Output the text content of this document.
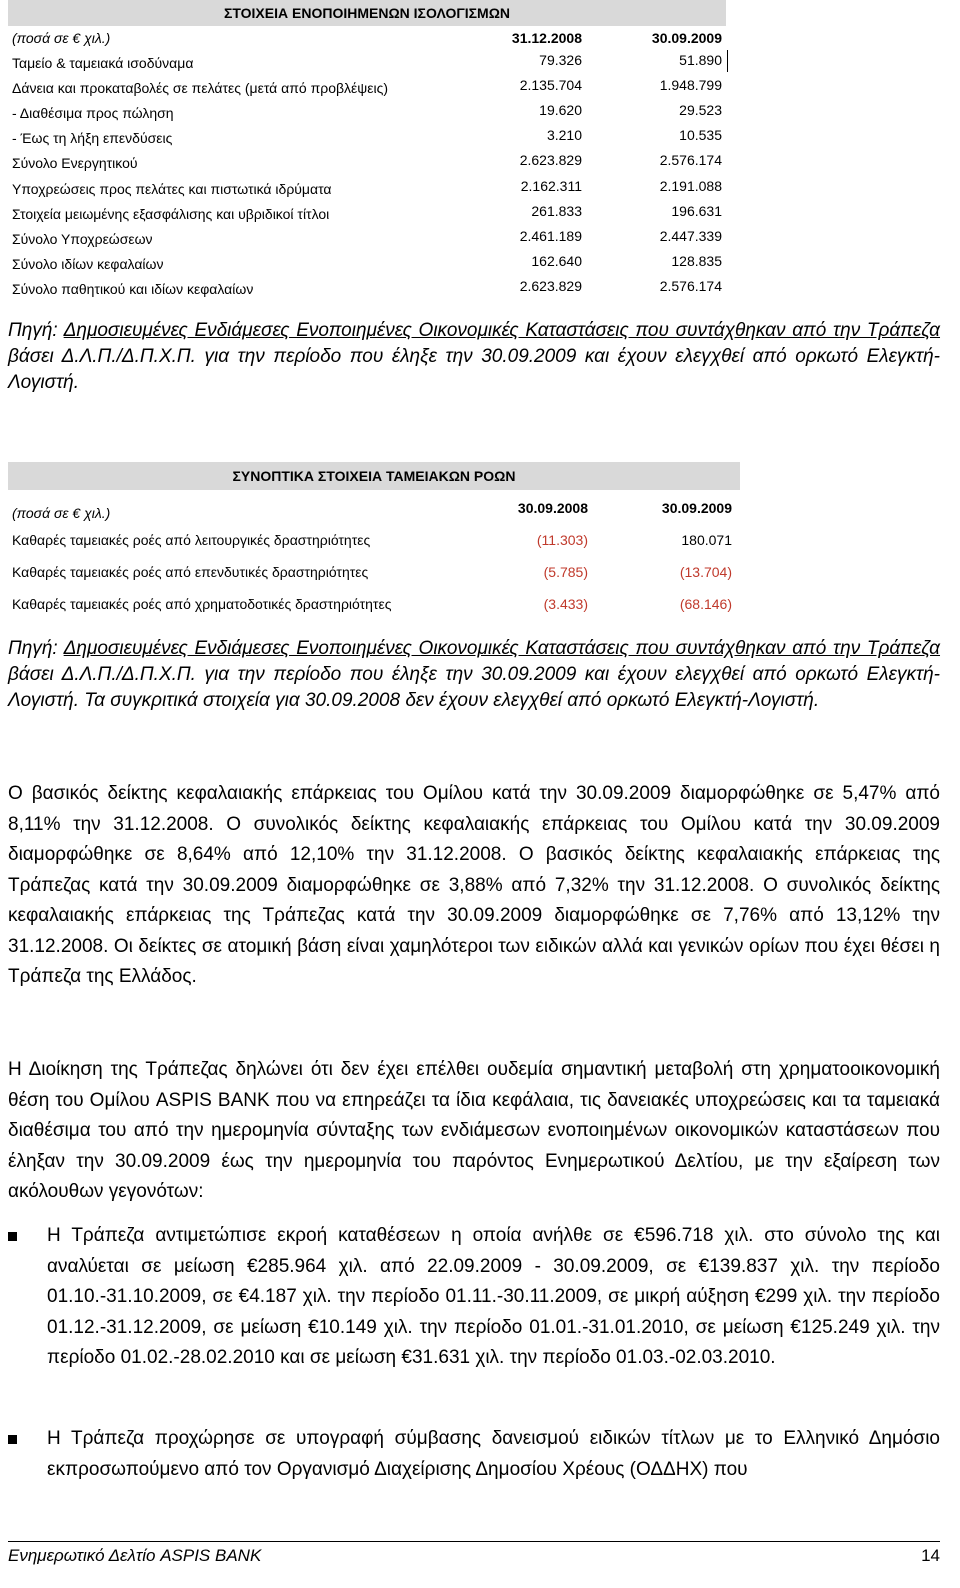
ΣΤΟΙΧΕΙΑ ΕΝΟΠΟΙΗΜΕΝΩΝ ΙΣΟΛΟΓΙΣΜΩΝ
(ποσά σε € χιλ.)	31.12.2008	30.09.2009
Ταμείο & ταμειακά ισοδύναμα	79.326	51.890
Δάνεια και προκαταβολές σε πελάτες (μετά από προβλέψεις)	2.135.704	1.948.799
- Διαθέσιμα προς πώληση	19.620	29.523
- Έως τη λήξη επενδύσεις	3.210	10.535
Σύνολο Ενεργητικού	2.623.829	2.576.174
Υποχρεώσεις προς πελάτες και πιστωτικά ιδρύματα	2.162.311	2.191.088
Στοιχεία μειωμένης εξασφάλισης και υβριδικοί τίτλοι	261.833	196.631
Σύνολο Υποχρεώσεων	2.461.189	2.447.339
Σύνολο ιδίων κεφαλαίων	162.640	128.835
Σύνολο παθητικού και ιδίων κεφαλαίων	2.623.829	2.576.174
Πηγή: Δημοσιευμένες Ενδιάμεσες Ενοποιημένες Οικονομικές Καταστάσεις που συντάχθηκαν από την Τράπεζα βάσει Δ.Λ.Π./Δ.Π.Χ.Π. για την περίοδο που έληξε την 30.09.2009 και έχουν ελεγχθεί από ορκωτό Ελεγκτή-Λογιστή.
ΣΥΝΟΠΤΙΚΑ ΣΤΟΙΧΕΙΑ ΤΑΜΕΙΑΚΩΝ ΡΟΩΝ
(ποσά σε € χιλ.)	30.09.2008	30.09.2009
Καθαρές ταμειακές ροές από λειτουργικές δραστηριότητες	(11.303)	180.071
Καθαρές ταμειακές ροές από επενδυτικές δραστηριότητες	(5.785)	(13.704)
Καθαρές ταμειακές ροές από χρηματοδοτικές δραστηριότητες	(3.433)	(68.146)
Πηγή: Δημοσιευμένες Ενδιάμεσες Ενοποιημένες Οικονομικές Καταστάσεις που συντάχθηκαν από την Τράπεζα βάσει Δ.Λ.Π./Δ.Π.Χ.Π. για την περίοδο που έληξε την 30.09.2009 και έχουν ελεγχθεί από ορκωτό Ελεγκτή-Λογιστή. Τα συγκριτικά στοιχεία για 30.09.2008 δεν έχουν ελεγχθεί από ορκωτό Ελεγκτή-Λογιστή.
Ο βασικός δείκτης κεφαλαιακής επάρκειας του Ομίλου κατά την 30.09.2009 διαμορφώθηκε σε 5,47% από 8,11% την 31.12.2008. Ο συνολικός δείκτης κεφαλαιακής επάρκειας του Ομίλου κατά την 30.09.2009 διαμορφώθηκε σε 8,64% από 12,10% την 31.12.2008. Ο βασικός δείκτης κεφαλαιακής επάρκειας της Τράπεζας κατά την 30.09.2009 διαμορφώθηκε σε 3,88% από 7,32% την 31.12.2008. Ο συνολικός δείκτης κεφαλαιακής επάρκειας της Τράπεζας κατά την 30.09.2009 διαμορφώθηκε σε 7,76% από 13,12% την 31.12.2008. Οι δείκτες σε ατομική βάση είναι χαμηλότεροι των ειδικών αλλά και γενικών ορίων που έχει θέσει η Τράπεζα της Ελλάδος.
Η Διοίκηση της Τράπεζας δηλώνει ότι δεν έχει επέλθει ουδεμία σημαντική μεταβολή στη χρηματοοικονομική θέση του Ομίλου ASPIS BANK που να επηρεάζει τα ίδια κεφάλαια, τις δανειακές υποχρεώσεις και τα ταμειακά διαθέσιμα του από την ημερομηνία σύνταξης των ενδιάμεσων ενοποιημένων οικονομικών καταστάσεων που έληξαν την 30.09.2009 έως την ημερομηνία του παρόντος Ενημερωτικού Δελτίου, με την εξαίρεση των ακόλουθων γεγονότων:
Η Τράπεζα αντιμετώπισε εκροή καταθέσεων η οποία ανήλθε σε €596.718 χιλ. στο σύνολο της και αναλύεται σε μείωση €285.964 χιλ. από 22.09.2009 - 30.09.2009, σε €139.837 χιλ. την περίοδο 01.10.-31.10.2009, σε €4.187 χιλ. την περίοδο 01.11.-30.11.2009, σε μικρή αύξηση €299 χιλ. την περίοδο 01.12.-31.12.2009, σε μείωση €10.149 χιλ. την περίοδο 01.01.-31.01.2010, σε μείωση €125.249 χιλ. την περίοδο 01.02.-28.02.2010 και σε μείωση €31.631 χιλ. την περίοδο 01.03.-02.03.2010.
Η Τράπεζα προχώρησε σε υπογραφή σύμβασης δανεισμού ειδικών τίτλων με το Ελληνικό Δημόσιο εκπροσωπούμενο από τον Οργανισμό Διαχείρισης Δημοσίου Χρέους (ΟΔΔΗΧ) που
Ενημερωτικό Δελτίο ASPIS BANK	14
